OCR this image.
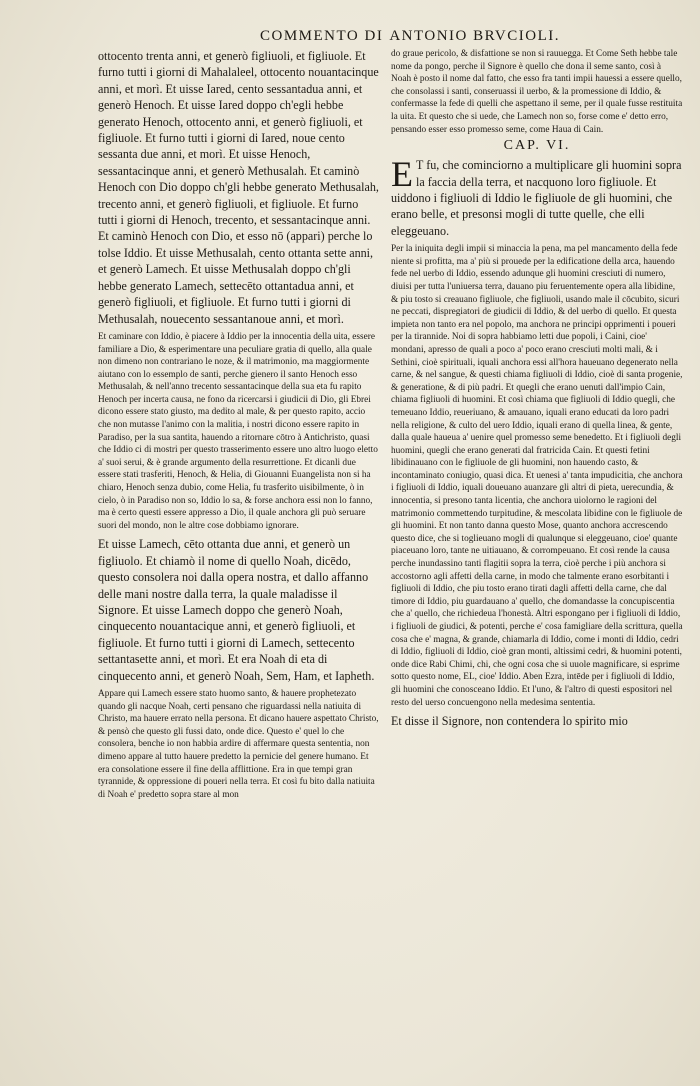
COMMENTO DI ANTONIO BRVCIOLI.

ottocento trenta anni, et generò figliuoli, et figliuole. Et furno tutti i giorni di Mahalaleel, ottocento nouantacinque anni, et morì. Et uisse Iared, cento sessantadua anni, et generò Henoch. Et uisse Iared doppo ch'egli hebbe generato Henoch, ottocento anni, et generò figliuoli, et figliuole. Et furno tutti i giorni di Iared, noue cento sessanta due anni, et morì. Et uisse Henoch, sessantacinque anni, et generò Methusalah. Et caminò Henoch con Dio doppo ch'gli hebbe generato Methusalah, trecento anni, et generò figliuoli, et figliuole. Et furno tutti i giorni di Henoch, trecento, et sessantacinque anni. Et caminò Henoch con Dio, et esso nō (appari) perche lo tolse Iddio. Et uisse Methusalah, cento ottanta sette anni, et generò Lamech. Et uisse Methusalah doppo ch'gli hebbe generato Lamech, settecēto ottantadua anni, et generò figliuoli, et figliuole. Et furno tutti i giorni di Methusalah, nouecento sessantanoue anni, et morì.

Et caminare con Iddio, è piacere à Iddio per la innocentia della uita, essere familiare a Dio, & esperimentare una peculiare gratia di quello, alla quale non dimeno non contrariano le noze, & il matrimonio, ma maggiormente aiutano con lo essemplo de santi, perche gienero il santo Henoch esso Methusalah, & nell'anno trecento sessantacinque della sua eta fu rapito Henoch per incerta causa, ne fono da ricercarsi i giudicii di Dio, gli Ebrei dicono essere stato giusto, ma dedito al male, & per questo rapito, accio che non mutasse l'animo con la malitia, i nostri dicono essere rapito in Paradiso, per la sua santita, hauendo a ritornare cōtro à Antichristo, quasi che Iddio ci di mostri per questo trasserimento essere uno altro luogo eletto a' suoi serui, & è grande argumento della resurrettione. Et dicanli due essere stati trasferiti, Henoch, & Helia, di Giouanni Euangelista non si ha chiaro, Henoch senza dubio, come Helia, fu trasferito uisibilmente, ò in cielo, ò in Paradiso non so, Iddio lo sa, & forse anchora essi non lo fanno, ma è certo questi essere appresso a Dio, il quale anchora gli può seruare suori del mondo, non le altre cose dobbiamo ignorare.

Et uisse Lamech, cēto ottanta due anni, et generò un figliuolo. Et chiamò il nome di quello Noah, dicēdo, questo consolera noi dalla opera nostra, et dallo affanno delle mani nostre dalla terra, la quale maladisse il Signore. Et uisse Lamech doppo che generò Noah, cinquecento nouantacique anni, et generò figliuoli, et figliuole. Et furno tutti i giorni di Lamech, settecento settantasette anni, et morì. Et era Noah di eta di cinquecento anni, et generò Noah, Sem, Ham, et Iapheth.

Appare qui Lamech essere stato huomo santo, & hauere prophetezato quando gli nacque Noah, certi pensano che riguardassi nella natiuita di Christo, ma hauere errato nella persona. Et dicano hauere aspettato Christo, & pensò che questo gli fussi dato, onde dice. Questo e' quel lo che consolera, benche io non habbia ardire di affermare questa sententia, non dimeno appare al tutto hauere predetto la pernicie del genere humano. Et era consolatione essere il fine della afflittione. Era in que tempi gran tyrannide, & oppressione di poueri nella terra. Et così fu bito dalla natiuita di Noah e' predetto sopra stare al mon

do graue pericolo, & disfattione se non si rauuegga. Et Come Seth hebbe tale nome da pongo, perche il Signore è quello che dona il seme santo, così à Noah è posto il nome dal fatto, che esso fra tanti impii hauessi a essere quello, che consolassi i santi, conseruassi il uerbo, & la promessione di Iddio, & confermasse la fede di quelli che aspettano il seme, per il quale fusse restituita la uita. Et questo che si uede, che Lamech non so, forse come e' detto erro, pensando esser esso promesso seme, come Haua di Cain.

CAP. VI.

E T fu, che cominciorno a multiplicare gli huomini sopra la faccia della terra, et nacquono loro figliuole. Et uiddono i figliuoli di Iddio le figliuole de gli huomini, che erano belle, et presonsi mogli di tutte quelle, che elli eleggeuano.

Per la iniquita degli impii si minaccia la pena, ma pel mancamento della fede niente si profitta, ma a' più si prouede per la edificatione della arca, hauendo fede nel uerbo di Iddio, essendo adunque gli huomini cresciuti di numero, diuisi per tutta l'uniuersa terra, dauano piu feruentemente opera alla libidine, & piu tosto si creauano figliuole, che figliuoli, usando male il cōcubito, sicuri ne peccati, dispregiatori de giudicii di Iddio, & del uerbo di quello. Et questa impieta non tanto era nel popolo, ma anchora ne principi opprimenti i poueri per la tirannide. Noi di sopra habbiamo letti due popoli, i Caini, cioe' mondani, apresso de quali a poco a' poco erano cresciuti molti mali, & i Sethini, cioè spirituali, iquali anchora essi all'hora haueuano degenerato nella carne, & nel sangue, & questi chiama figliuoli di Iddio, cioè di santa progenie, & generatione, & di più padri. Et quegli che erano uenuti dall'impio Cain, chiama figliuoli di huomini. Et così chiama que figliuoli di Iddio quegli, che temeuano Iddio, reueriuano, & amauano, iquali erano educati da loro padri nella religione, & culto del uero Iddio, iquali erano di quella linea, & gente, dalla quale haueua a' uenire quel promesso seme benedetto. Et i figliuoli degli huomini, quegli che erano generati dal fratricida Cain. Et questi fetini libidinauano con le figliuole de gli huomini, non hauendo casto, & incontaminato coniugio, quasi dica. Et uenesi a' tanta impudicitia, che anchora i figliuoli di Iddio, iquali doueuano auanzare gli altri di pieta, uerecundia, & innocentia, si presono tanta licentia, che anchora uiolorno le ragioni del matrimonio commettendo turpitudine, & mescolata libidine con le figliuole de gli huomini. Et non tanto danna questo Mose, quanto anchora accrescendo questo dice, che si toglieuano mogli di qualunque si eleggeuano, cioe' quante piaceuano loro, tante ne uitiauano, & corrompeuano. Et così rende la causa perche inundassino tanti flagitii sopra la terra, cioè perche i più anchora si accostorno agli affetti della carne, in modo che talmente erano esorbitanti i figliuoli di Iddio, che piu tosto erano tirati dagli affetti della carne, che dal timore di Iddio, piu guardauano a' quello, che domandasse la concupiscentia che a' quello, che richiedeua l'honestà. Altri espongano per i figliuoli di Iddio, i figliuoli de giudici, & potenti, perche e' cosa famigliare della scrittura, quella cosa che e' magna, & grande, chiamarla di Iddio, come i monti di Iddio, cedri di Iddio, figliuoli di Iddio, cioè gran monti, altissimi cedri, & huomini potenti, onde dice Rabi Chimi, chi, che ogni cosa che si uuole magnificare, si esprime sotto questo nome, EL, cioe' Iddio. Aben Ezra, intēde per i figliuoli di Iddio, gli huomini che conosceano Iddio. Et l'uno, & l'altro di questi espositori nel resto del uerso concuengono nella medesima sententia.

Et disse il Signore, non contendera lo spirito mio
